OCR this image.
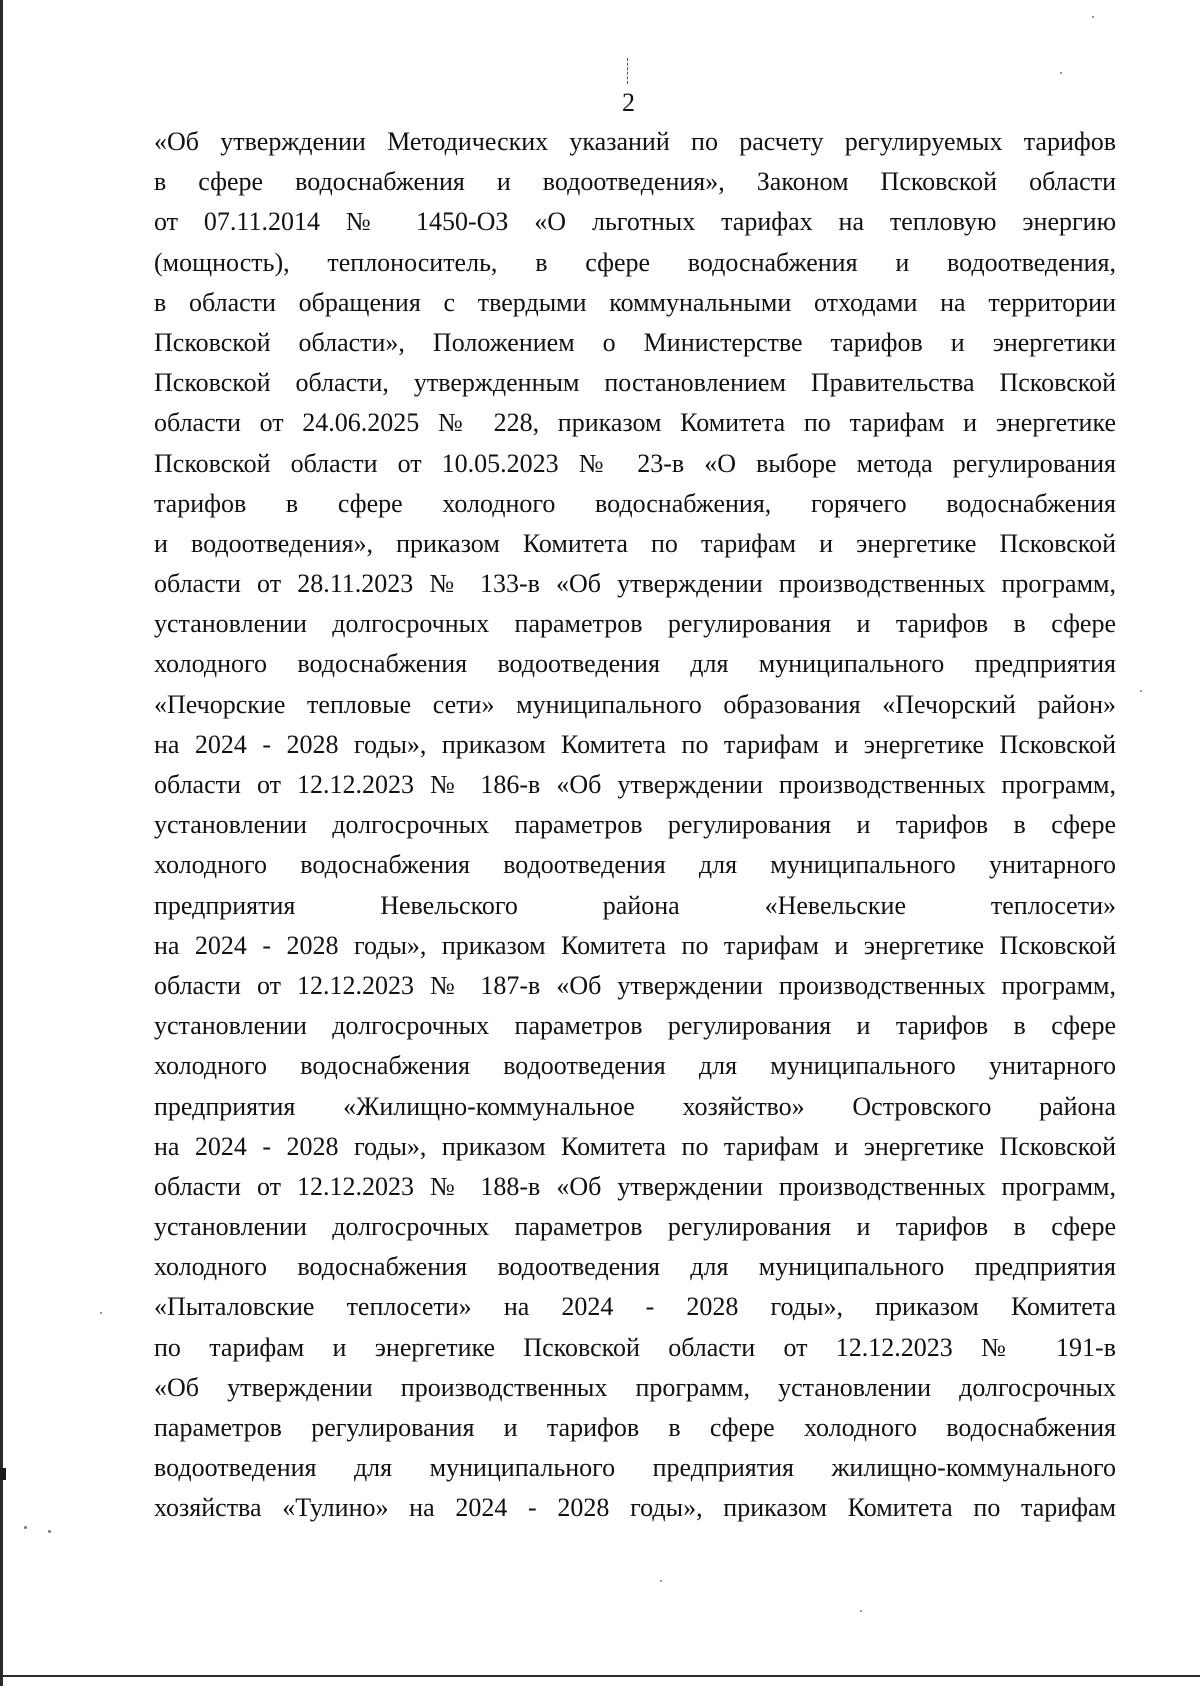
2
«Об утверждении Методических указаний по расчету регулируемых тарифов
в сфере водоснабжения и водоотведения», Законом Псковской области
от 07.11.2014 № 1450-ОЗ «О льготных тарифах на тепловую энергию
(мощность), теплоноситель, в сфере водоснабжения и водоотведения,
в области обращения с твердыми коммунальными отходами на территории
Псковской области», Положением о Министерстве тарифов и энергетики
Псковской области, утвержденным постановлением Правительства Псковской
области от 24.06.2025 № 228, приказом Комитета по тарифам и энергетике
Псковской области от 10.05.2023 № 23-в «О выборе метода регулирования
тарифов в сфере холодного водоснабжения, горячего водоснабжения
и водоотведения», приказом Комитета по тарифам и энергетике Псковской
области от 28.11.2023 № 133-в «Об утверждении производственных программ,
установлении долгосрочных параметров регулирования и тарифов в сфере
холодного водоснабжения водоотведения для муниципального предприятия
«Печорские тепловые сети» муниципального образования «Печорский район»
на 2024 - 2028 годы», приказом Комитета по тарифам и энергетике Псковской
области от 12.12.2023 № 186-в «Об утверждении производственных программ,
установлении долгосрочных параметров регулирования и тарифов в сфере
холодного водоснабжения водоотведения для муниципального унитарного
предприятия Невельского района «Невельские теплосети»
на 2024 - 2028 годы», приказом Комитета по тарифам и энергетике Псковской
области от 12.12.2023 № 187-в «Об утверждении производственных программ,
установлении долгосрочных параметров регулирования и тарифов в сфере
холодного водоснабжения водоотведения для муниципального унитарного
предприятия «Жилищно-коммунальное хозяйство» Островского района
на 2024 - 2028 годы», приказом Комитета по тарифам и энергетике Псковской
области от 12.12.2023 № 188-в «Об утверждении производственных программ,
установлении долгосрочных параметров регулирования и тарифов в сфере
холодного водоснабжения водоотведения для муниципального предприятия
«Пыталовские теплосети» на 2024 - 2028 годы», приказом Комитета
по тарифам и энергетике Псковской области от 12.12.2023 № 191-в
«Об утверждении производственных программ, установлении долгосрочных
параметров регулирования и тарифов в сфере холодного водоснабжения
водоотведения для муниципального предприятия жилищно-коммунального
хозяйства «Тулино» на 2024 - 2028 годы», приказом Комитета по тарифам
